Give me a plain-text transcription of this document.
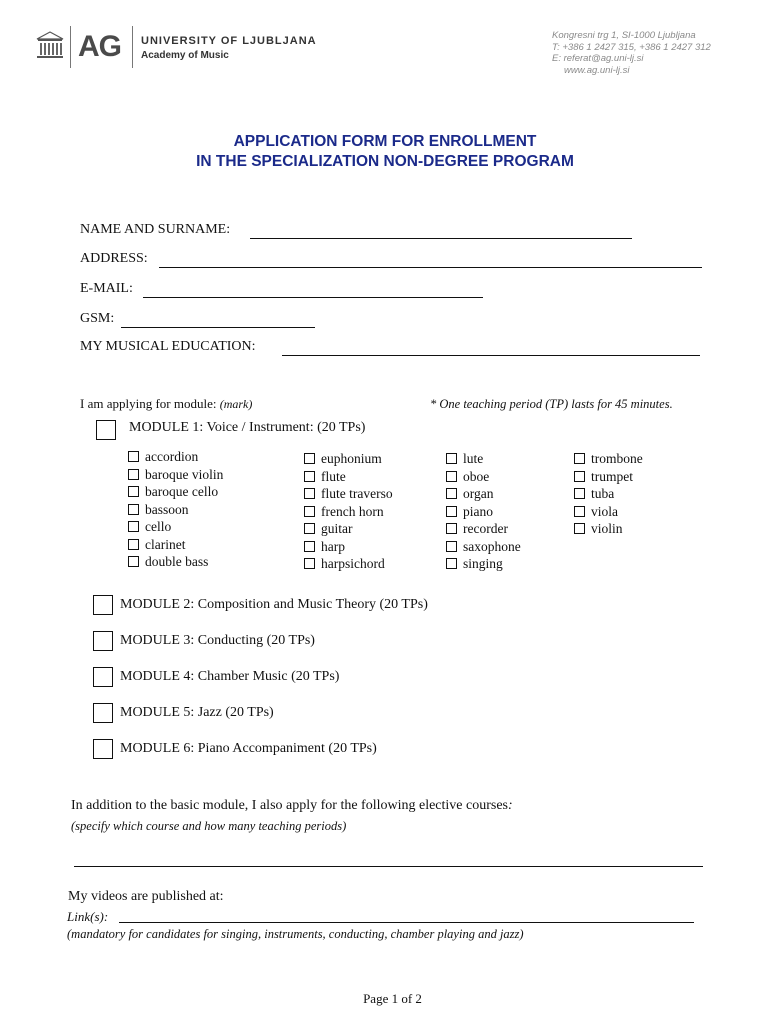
AG UNIVERSITY OF LJUBLJANA
Academy of Music
Kongresni trg 1, SI-1000 Ljubljana
T: +386 1 2427 315, +386 1 2427 312
E: referat@ag.uni-lj.si
www.ag.uni-lj.si
APPLICATION FORM FOR ENROLLMENT
IN THE SPECIALIZATION NON-DEGREE PROGRAM
NAME AND SURNAME:
ADDRESS:
E-MAIL:
GSM:
MY MUSICAL EDUCATION:
I am applying for module: (mark)	* One teaching period (TP) lasts for 45 minutes.
MODULE 1: Voice / Instrument: (20 TPs)
accordion
baroque violin
baroque cello
bassoon
cello
clarinet
double bass
euphonium
flute
flute traverso
french horn
guitar
harp
harpsichord
lute
oboe
organ
piano
recorder
saxophone
singing
trombone
trumpet
tuba
viola
violin
MODULE 2: Composition and Music Theory (20 TPs)
MODULE 3: Conducting (20 TPs)
MODULE 4: Chamber Music (20 TPs)
MODULE 5: Jazz (20 TPs)
MODULE 6: Piano Accompaniment (20 TPs)
In addition to the basic module, I also apply for the following elective courses:
(specify which course and how many teaching periods)
My videos are published at:
Link(s):
(mandatory for candidates for singing, instruments, conducting, chamber playing and jazz)
Page 1 of 2
